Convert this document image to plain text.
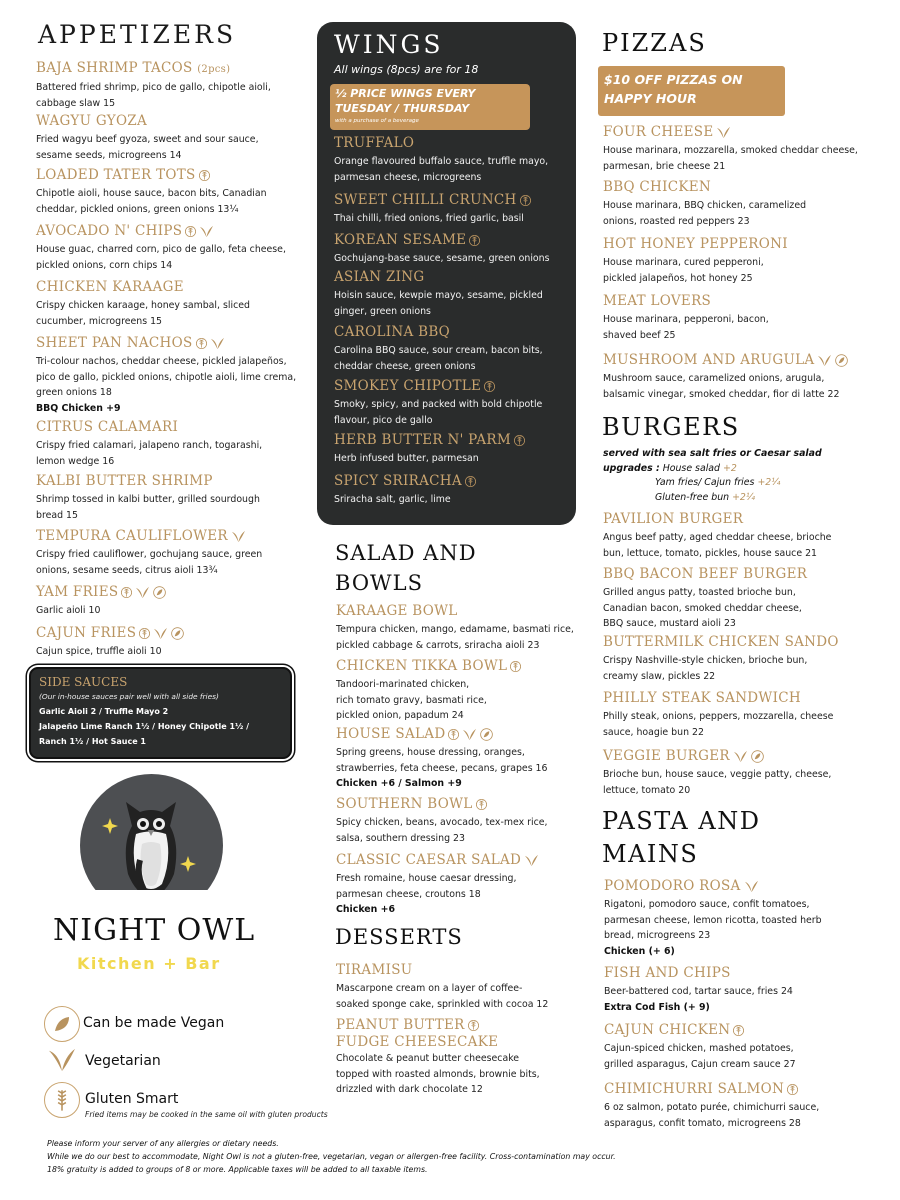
APPETIZERS
BAJA SHRIMP TACOS (2pcs)
Battered fried shrimp, pico de gallo, chipotle aioli,
cabbage slaw 15
WAGYU GYOZA
Fried wagyu beef gyoza, sweet and sour sauce,
sesame seeds, microgreens 14
LOADED TATER TOTS
Chipotle aioli, house sauce, bacon bits, Canadian
cheddar, pickled onions, green onions 13¼
AVOCADO N' CHIPS
House guac, charred corn, pico de gallo, feta cheese,
pickled onions, corn chips 14
CHICKEN KARAAGE
Crispy chicken karaage, honey sambal, sliced
cucumber, microgreens 15
SHEET PAN NACHOS
Tri-colour nachos, cheddar cheese, pickled jalapeños,
pico de gallo, pickled onions, chipotle aioli, lime crema,
green onions 18
BBQ Chicken +9
CITRUS CALAMARI
Crispy fried calamari, jalapeno ranch, togarashi,
lemon wedge 16
KALBI BUTTER SHRIMP
Shrimp tossed in kalbi butter, grilled sourdough
bread 15
TEMPURA CAULIFLOWER
Crispy fried cauliflower, gochujang sauce, green
onions, sesame seeds, citrus aioli 13¾
YAM FRIES
Garlic aioli 10
CAJUN FRIES
Cajun spice, truffle aioli 10
SIDE SAUCES
(Our in-house sauces pair well with all side fries)
Garlic Aioli 2 / Truffle Mayo 2
Jalapeño Lime Ranch 1½ / Honey Chipotle 1½ /
Ranch 1½ / Hot Sauce 1
NIGHT OWL
Kitchen + Bar
Can be made Vegan
Vegetarian
Gluten Smart
Fried items may be cooked in the same oil with gluten products
Please inform your server of any allergies or dietary needs.
While we do our best to accommodate, Night Owl is not a gluten-free, vegetarian, vegan or allergen-free facility. Cross-contamination may occur.
18% gratuity is added to groups of 8 or more. Applicable taxes will be added to all taxable items.
WINGS
All wings (8pcs) are for 18
½ PRICE WINGS EVERY
TUESDAY / THURSDAY
with a purchase of a beverage
TRUFFALO
Orange flavoured buffalo sauce, truffle mayo,
parmesan cheese, microgreens
SWEET CHILLI CRUNCH
Thai chilli, fried onions, fried garlic, basil
KOREAN SESAME
Gochujang-base sauce, sesame, green onions
ASIAN ZING
Hoisin sauce, kewpie mayo, sesame, pickled
ginger, green onions
CAROLINA BBQ
Carolina BBQ sauce, sour cream, bacon bits,
cheddar cheese, green onions
SMOKEY CHIPOTLE
Smoky, spicy, and packed with bold chipotle
flavour, pico de gallo
HERB BUTTER N' PARM
Herb infused butter, parmesan
SPICY SRIRACHA
Sriracha salt, garlic, lime
SALAD AND
BOWLS
KARAAGE BOWL
Tempura chicken, mango, edamame, basmati rice,
pickled cabbage & carrots, sriracha aioli 23
CHICKEN TIKKA BOWL
Tandoori-marinated chicken,
rich tomato gravy, basmati rice,
pickled onion, papadum 24
HOUSE SALAD
Spring greens, house dressing, oranges,
strawberries, feta cheese, pecans, grapes 16
Chicken +6 / Salmon +9
SOUTHERN BOWL
Spicy chicken, beans, avocado, tex-mex rice,
salsa, southern dressing 23
CLASSIC CAESAR SALAD
Fresh romaine, house caesar dressing,
parmesan cheese, croutons 18
Chicken +6
DESSERTS
TIRAMISU
Mascarpone cream on a layer of coffee-
soaked sponge cake, sprinkled with cocoa 12
PEANUT BUTTER
FUDGE CHEESECAKE
Chocolate & peanut butter cheesecake
topped with roasted almonds, brownie bits,
drizzled with dark chocolate 12
PIZZAS
$10 OFF PIZZAS ON
HAPPY HOUR
FOUR CHEESE
House marinara, mozzarella, smoked cheddar cheese,
parmesan, brie cheese 21
BBQ CHICKEN
House marinara, BBQ chicken, caramelized
onions, roasted red peppers 23
HOT HONEY PEPPERONI
House marinara, cured pepperoni,
pickled jalapeños, hot honey 25
MEAT LOVERS
House marinara, pepperoni, bacon,
shaved beef 25
MUSHROOM AND ARUGULA
Mushroom sauce, caramelized onions, arugula,
balsamic vinegar, smoked cheddar, fior di latte 22
BURGERS
served with sea salt fries or Caesar salad
upgrades : House salad +2
Yam fries/ Cajun fries +2¼
Gluten-free bun +2¼
PAVILION BURGER
Angus beef patty, aged cheddar cheese, brioche
bun, lettuce, tomato, pickles, house sauce 21
BBQ BACON BEEF BURGER
Grilled angus patty, toasted brioche bun,
Canadian bacon, smoked cheddar cheese,
BBQ sauce, mustard aioli 23
BUTTERMILK CHICKEN SANDO
Crispy Nashville-style chicken, brioche bun,
creamy slaw, pickles 22
PHILLY STEAK SANDWICH
Philly steak, onions, peppers, mozzarella, cheese
sauce, hoagie bun 22
VEGGIE BURGER
Brioche bun, house sauce, veggie patty, cheese,
lettuce, tomato 20
PASTA AND
MAINS
POMODORO ROSA
Rigatoni, pomodoro sauce, confit tomatoes,
parmesan cheese, lemon ricotta, toasted herb
bread, microgreens 23
Chicken (+ 6)
FISH AND CHIPS
Beer-battered cod, tartar sauce, fries 24
Extra Cod Fish (+ 9)
CAJUN CHICKEN
Cajun-spiced chicken, mashed potatoes,
grilled asparagus, Cajun cream sauce 27
CHIMICHURRI SALMON
6 oz salmon, potato purée, chimichurri sauce,
asparagus, confit tomato, microgreens 28
